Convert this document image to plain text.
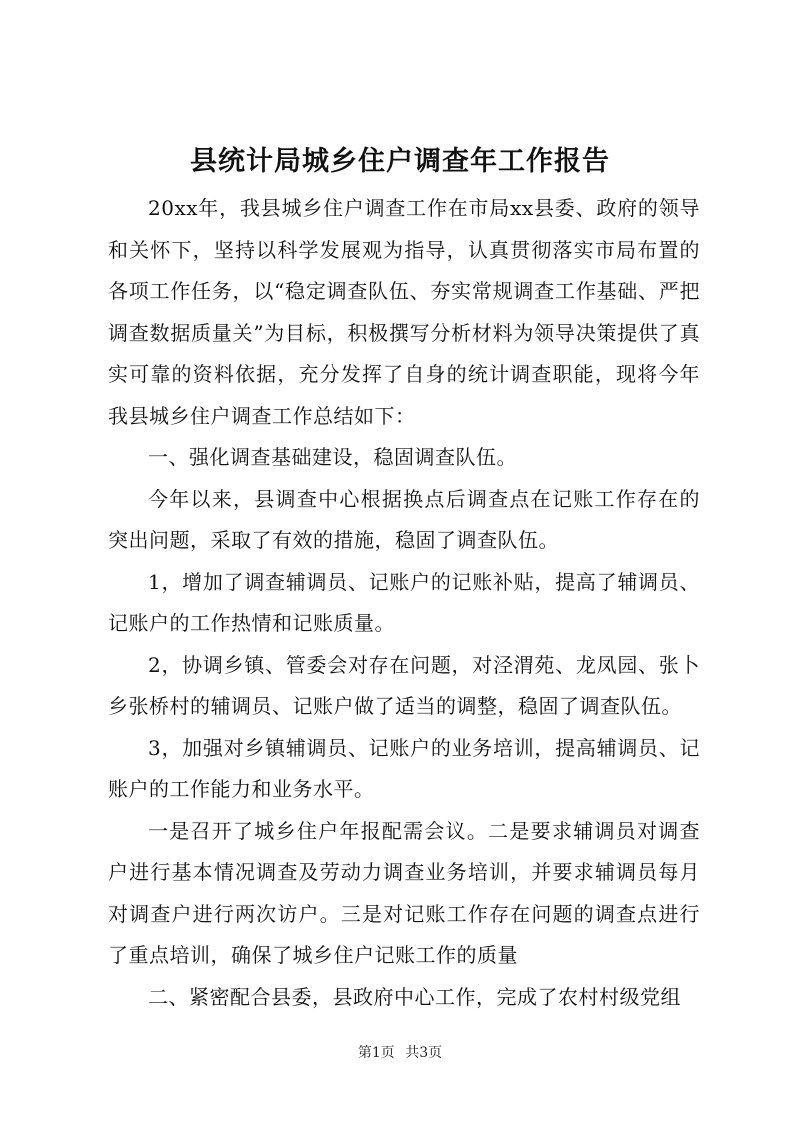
县统计局城乡住户调查年工作报告

20xx年，我县城乡住户调查工作在市局xx县委、政府的领导和关怀下，坚持以科学发展观为指导，认真贯彻落实市局布置的各项工作任务，以“稳定调查队伍、夯实常规调查工作基础、严把调查数据质量关”为目标，积极撰写分析材料为领导决策提供了真实可靠的资料依据，充分发挥了自身的统计调查职能，现将今年我县城乡住户调查工作总结如下：

一、强化调查基础建设，稳固调查队伍。

今年以来，县调查中心根据换点后调查点在记账工作存在的突出问题，采取了有效的措施，稳固了调查队伍。

1，增加了调查辅调员、记账户的记账补贴，提高了辅调员、记账户的工作热情和记账质量。

2，协调乡镇、管委会对存在问题，对泾渭苑、龙凤园、张卜乡张桥村的辅调员、记账户做了适当的调整，稳固了调查队伍。

3，加强对乡镇辅调员、记账户的业务培训，提高辅调员、记账户的工作能力和业务水平。

一是召开了城乡住户年报配需会议。二是要求辅调员对调查户进行基本情况调查及劳动力调查业务培训，并要求辅调员每月对调查户进行两次访户。三是对记账工作存在问题的调查点进行了重点培训，确保了城乡住户记账工作的质量

二、紧密配合县委，县政府中心工作，完成了农村村级党组

第1页 共3页
